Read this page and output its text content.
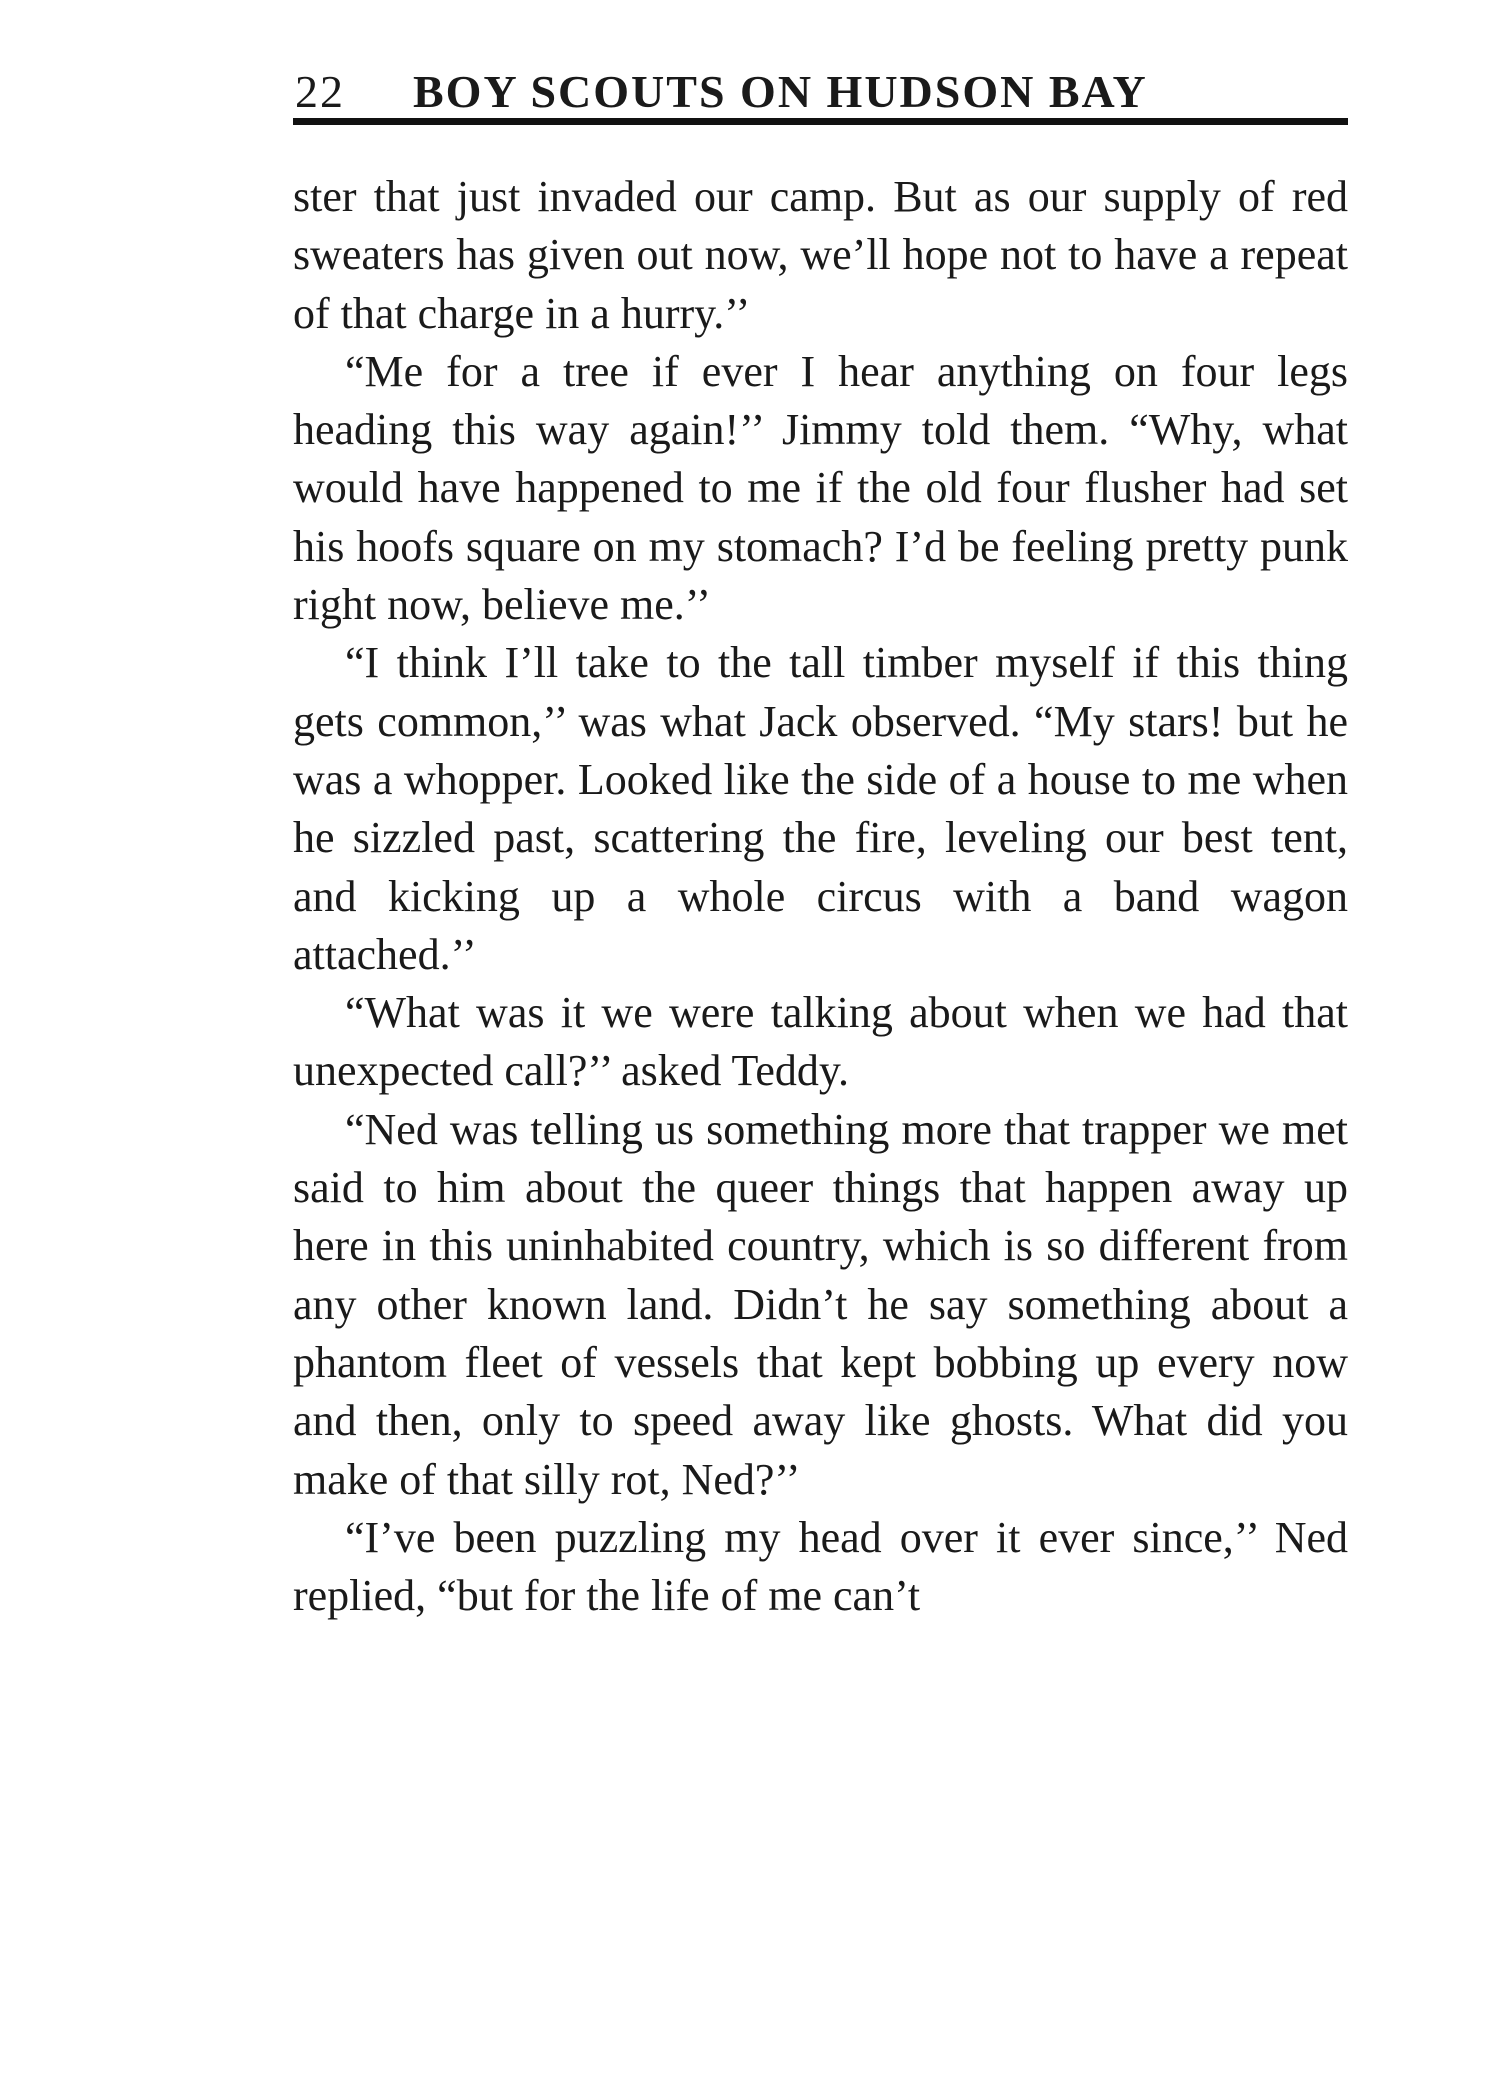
22 BOY SCOUTS ON HUDSON BAY

ster that just invaded our camp. But as our supply of red sweaters has given out now, we’ll hope not to have a repeat of that charge in a hurry.’’

“Me for a tree if ever I hear anything on four legs heading this way again!’’ Jimmy told them. “Why, what would have happened to me if the old four flusher had set his hoofs square on my stomach? I’d be feeling pretty punk right now, believe me.’’

“I think I’ll take to the tall timber myself if this thing gets common,’’ was what Jack observed. “My stars! but he was a whopper. Looked like the side of a house to me when he sizzled past, scattering the fire, leveling our best tent, and kicking up a whole circus with a band wagon attached.’’

“What was it we were talking about when we had that unexpected call?’’ asked Teddy.

“Ned was telling us something more that trapper we met said to him about the queer things that happen away up here in this uninhabited country, which is so different from any other known land. Didn’t he say something about a phantom fleet of vessels that kept bobbing up every now and then, only to speed away like ghosts. What did you make of that silly rot, Ned?’’

“I’ve been puzzling my head over it ever since,’’ Ned replied, “but for the life of me can’t
